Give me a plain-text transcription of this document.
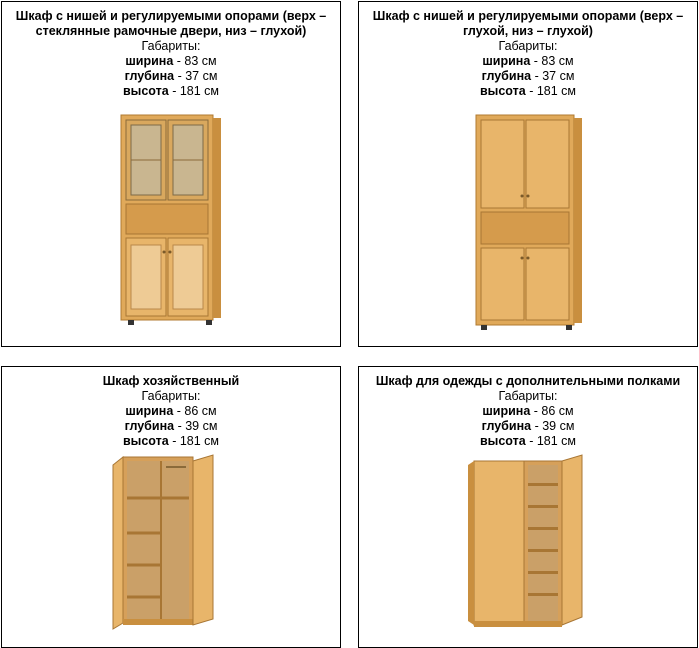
Шкаф с нишей и регулируемыми опорами (верх – стеклянные рамочные двери, низ – глухой)
Габариты:
ширина - 83 см
глубина - 37 см
высота - 181 см
Шкаф с нишей и регулируемыми опорами (верх – глухой, низ – глухой)
Габариты:
ширина - 83 см
глубина - 37 см
высота - 181 см
Шкаф хозяйственный
Габариты:
ширина - 86 см
глубина - 39 см
высота - 181 см
Шкаф для одежды с дополнительными полками
Габариты:
ширина - 86 см
глубина - 39 см
высота - 181 см
